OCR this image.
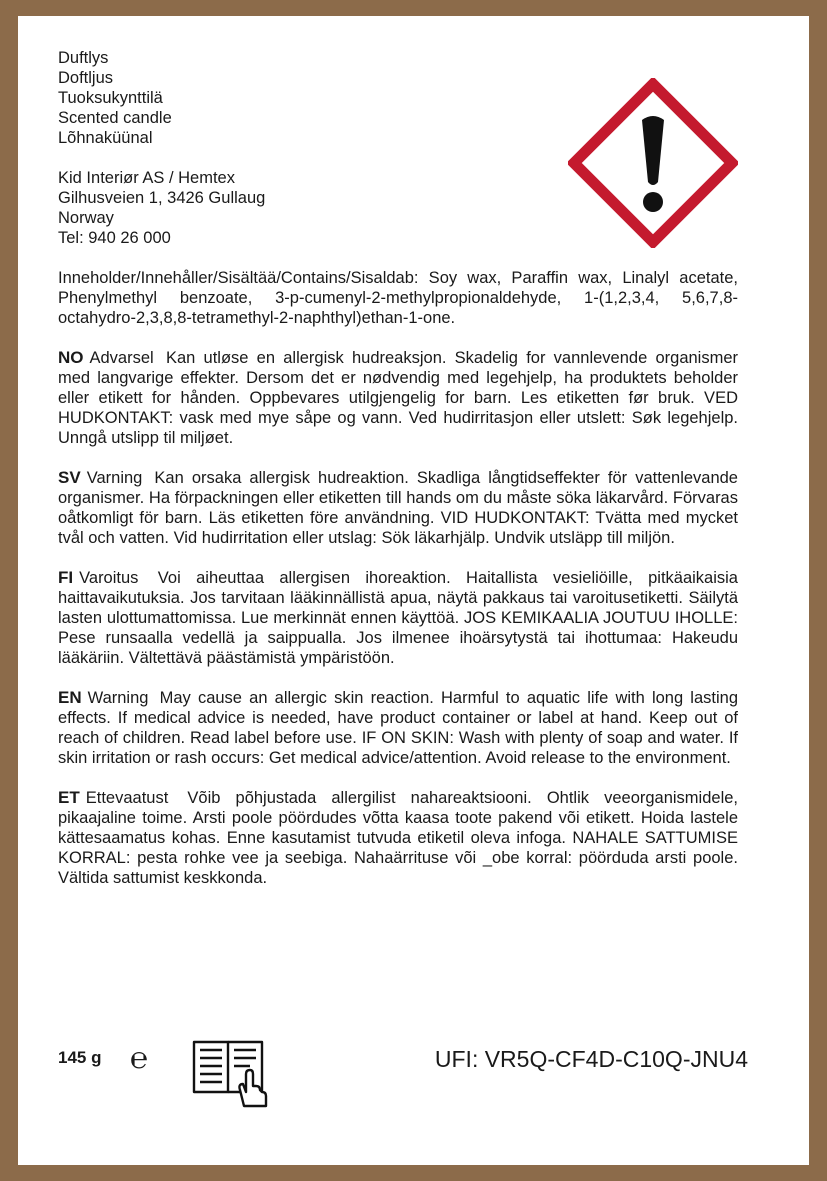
Duftlys
Doftljus
Tuoksukynttilä
Scented candle
Lõhnaküünal
Kid Interiør AS / Hemtex
Gilhusveien 1, 3426 Gullaug
Norway
Tel: 940 26 000
Inneholder/Innehåller/Sisältää/Contains/Sisaldab: Soy wax, Paraffin wax, Linalyl acetate, Phenylmethyl benzoate, 3-p-cumenyl-2-methylpropionaldehyde, 1-(1,2,3,4, 5,6,7,8-octahydro-2,3,8,8-tetramethyl-2-naphthyl)ethan-1-one.
NO Advarsel Kan utløse en allergisk hudreaksjon. Skadelig for vannlevende organismer med langvarige effekter. Dersom det er nødvendig med legehjelp, ha produktets beholder eller etikett for hånden. Oppbevares utilgjengelig for barn. Les etiketten før bruk. VED HUDKONTAKT: vask med mye såpe og vann. Ved hudirritasjon eller utslett: Søk legehjelp. Unngå utslipp til miljøet.
SV Varning Kan orsaka allergisk hudreaktion. Skadliga långtidseffekter för vattenlevande organismer. Ha förpackningen eller etiketten till hands om du måste söka läkarvård. Förvaras oåtkomligt för barn. Läs etiketten före användning. VID HUDKONTAKT: Tvätta med mycket tvål och vatten. Vid hudirritation eller utslag: Sök läkarhjälp. Undvik utsläpp till miljön.
FI Varoitus Voi aiheuttaa allergisen ihoreaktion. Haitallista vesieliöille, pitkäaikaisia haittavaikutuksia. Jos tarvitaan lääkinnällistä apua, näytä pakkaus tai varoitusetiketti. Säilytä lasten ulottumattomissa. Lue merkinnät ennen käyttöä. JOS KEMIKAALIA JOUTUU IHOLLE: Pese runsaalla vedellä ja saippualla. Jos ilmenee ihoärsytystä tai ihottumaa: Hakeudu lääkäriin. Vältettävä päästämistä ympäristöön.
EN Warning May cause an allergic skin reaction. Harmful to aquatic life with long lasting effects. If medical advice is needed, have product container or label at hand. Keep out of reach of children. Read label before use. IF ON SKIN: Wash with plenty of soap and water. If skin irritation or rash occurs: Get medical advice/attention. Avoid release to the environment.
ET Ettevaatust Võib põhjustada allergilist nahareaktsiooni. Ohtlik veeorganismidele, pikaajaline toime. Arsti poole pöördudes võtta kaasa toote pakend või etikett. Hoida lastele kättesaamatus kohas. Enne kasutamist tutvuda etiketil oleva infoga. NAHALE SATTUMISE KORRAL: pesta rohke vee ja seebiga. Nahaärrituse või _obe korral: pöörduda arsti poole. Vältida sattumist keskkonda.
145 g ℮	UFI: VR5Q-CF4D-C10Q-JNU4
